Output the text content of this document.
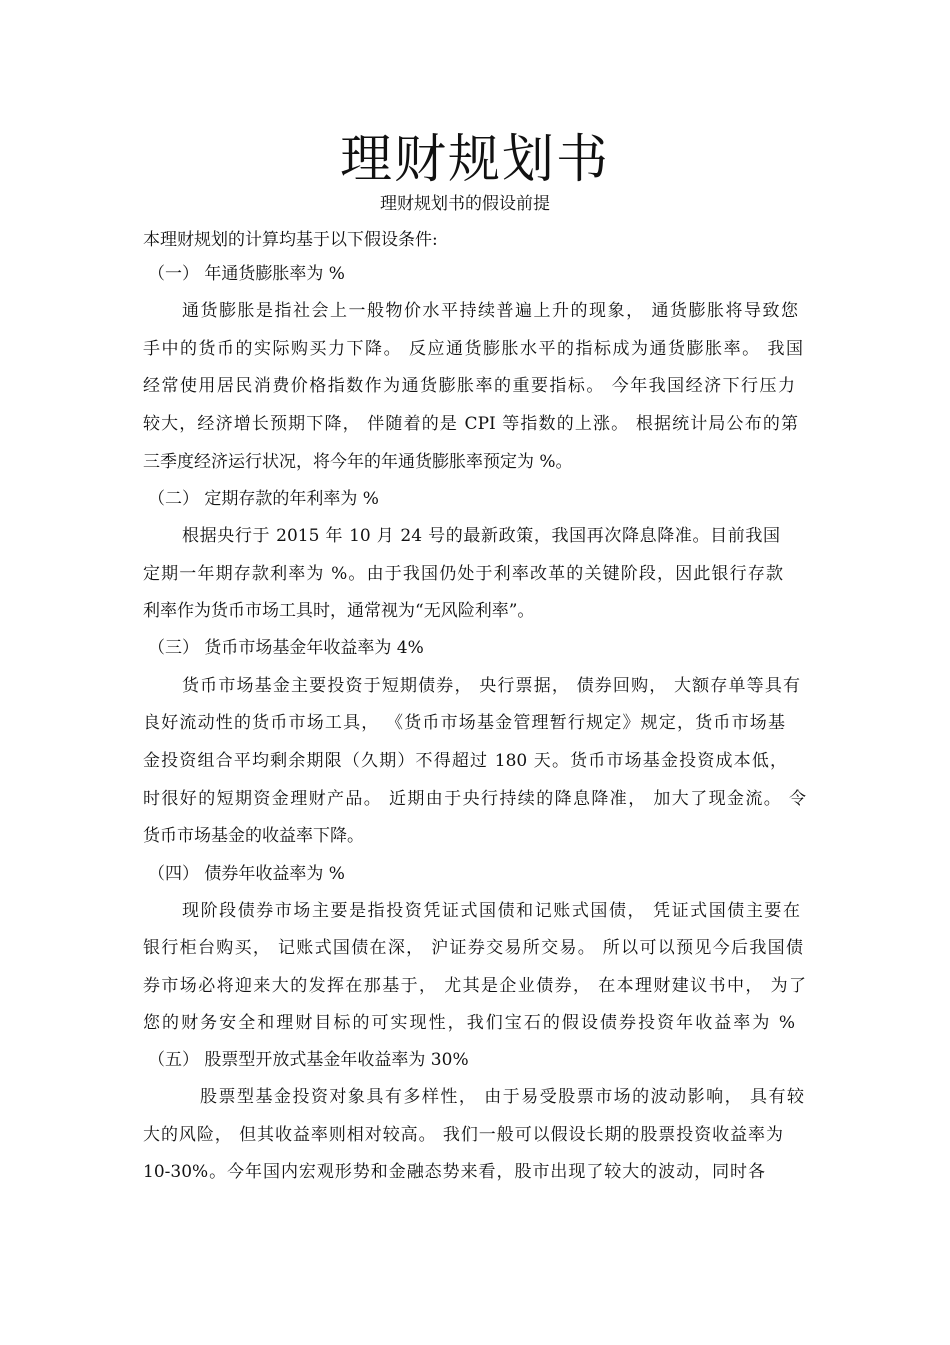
理财规划书

理财规划书的假设前提

本理财规划的计算均基于以下假设条件:

（一） 年通货膨胀率为 %

通货膨胀是指社会上一般物价水平持续普遍上升的现象， 通货膨胀将导致您

手中的货币的实际购买力下降。 反应通货膨胀水平的指标成为通货膨胀率。 我国

经常使用居民消费价格指数作为通货膨胀率的重要指标。 今年我国经济下行压力

较大，经济增长预期下降， 伴随着的是 CPI 等指数的上涨。 根据统计局公布的第

三季度经济运行状况，将今年的年通货膨胀率预定为 %。

（二） 定期存款的年利率为 %

根据央行于 2015 年 10 月 24 号的最新政策，我国再次降息降准。目前我国

定期一年期存款利率为 %。由于我国仍处于利率改革的关键阶段，因此银行存款

利率作为货币市场工具时，通常视为“无风险利率”。

（三） 货币市场基金年收益率为 4%

货币市场基金主要投资于短期债券， 央行票据， 债券回购， 大额存单等具有

良好流动性的货币市场工具， 《货币市场基金管理暂行规定》规定，货币市场基

金投资组合平均剩余期限（久期）不得超过 180 天。货币市场基金投资成本低，

时很好的短期资金理财产品。 近期由于央行持续的降息降准， 加大了现金流。 令

货币市场基金的收益率下降。

（四） 债券年收益率为 %

现阶段债券市场主要是指投资凭证式国债和记账式国债， 凭证式国债主要在

银行柜台购买， 记账式国债在深， 沪证券交易所交易。 所以可以预见今后我国债

券市场必将迎来大的发挥在那基于， 尤其是企业债券， 在本理财建议书中， 为了

您的财务安全和理财目标的可实现性，我们宝石的假设债券投资年收益率为 %

（五） 股票型开放式基金年收益率为 30%

股票型基金投资对象具有多样性， 由于易受股票市场的波动影响， 具有较

大的风险， 但其收益率则相对较高。 我们一般可以假设长期的股票投资收益率为

10-30%。今年国内宏观形势和金融态势来看，股市出现了较大的波动，同时各
